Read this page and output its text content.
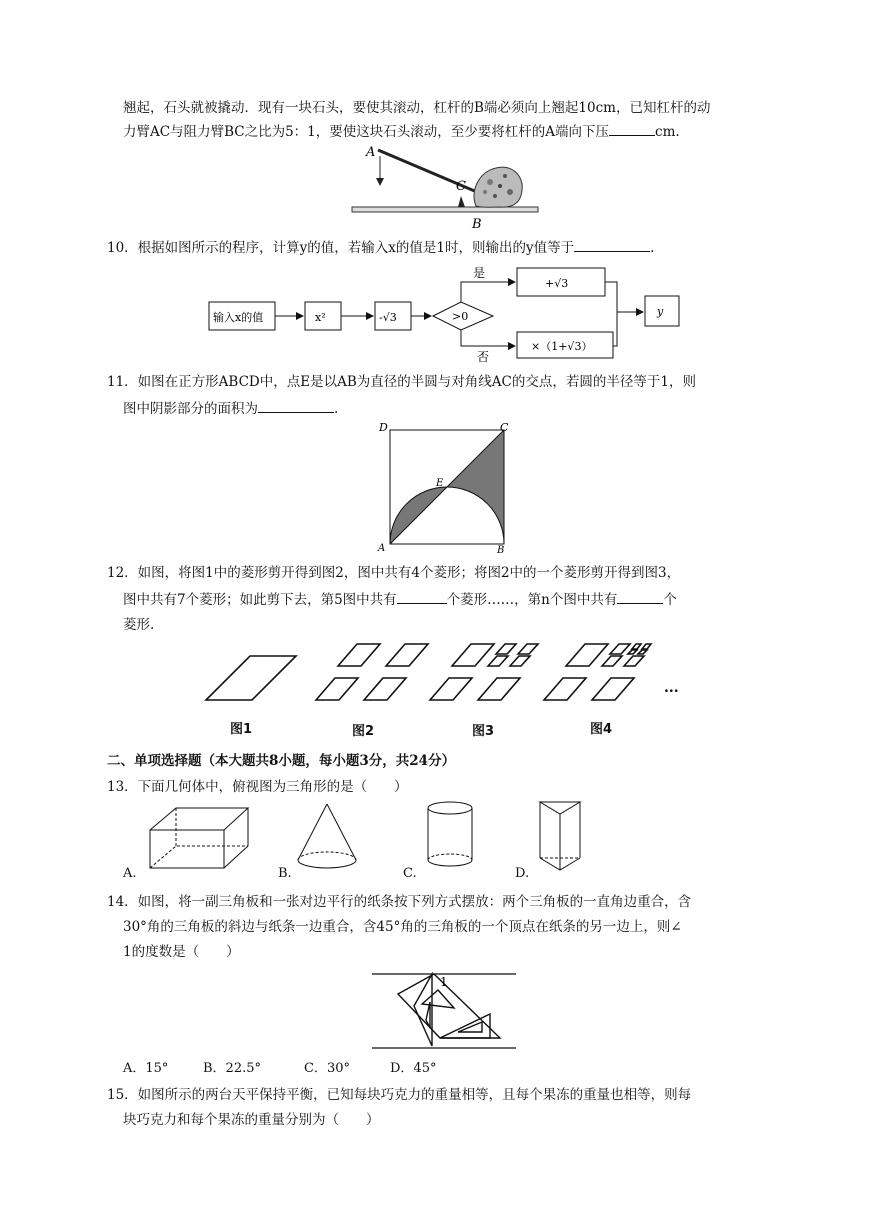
翘起，石头就被撬动．现有一块石头，要使其滚动，杠杆的B端必须向上翘起10cm，已知杠杆的动
力臂AC与阻力臂BC之比为5：1，要使这块石头滚动，至少要将杠杆的A端向下压	cm.
A
C
B
10．根据如图所示的程序，计算y的值，若输入x的值是1时，则输出的y值等于	.
输入x的值	x²	-√3	>0
是
否
+√3
×（1+√3）
y
11．如图在正方形ABCD中，点E是以AB为直径的半圆与对角线AC的交点，若圆的半径等于1，则
图中阴影部分的面积为	.
D	C
E
A	B
12．如图，将图1中的菱形剪开得到图2，图中共有4个菱形；将图2中的一个菱形剪开得到图3，
图中共有7个菱形；如此剪下去，第5图中共有	个菱形……，第n个图中共有	个
菱形.
...
图1	图2	图3	图4
二、单项选择题（本大题共8小题，每小题3分，共24分）
13．下面几何体中，俯视图为三角形的是（　　）
A.	B.	C.	D.
14．如图，将一副三角板和一张对边平行的纸条按下列方式摆放：两个三角板的一直角边重合，含
30°角的三角板的斜边与纸条一边重合，含45°角的三角板的一个顶点在纸条的另一边上，则∠
1的度数是（　　）
1
A．15°	B．22.5°	C．30°	D．45°
15．如图所示的两台天平保持平衡，已知每块巧克力的重量相等，且每个果冻的重量也相等，则每
块巧克力和每个果冻的重量分别为（　　）
